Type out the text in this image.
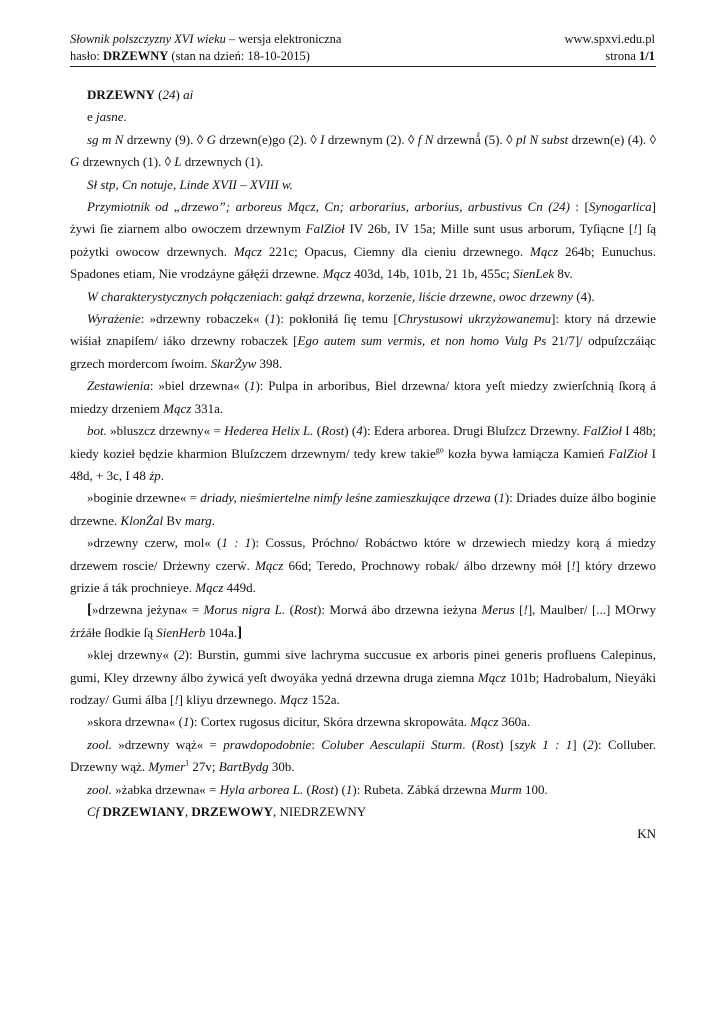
Słownik polszczyzny XVI wieku – wersja elektroniczna	www.spxvi.edu.pl
hasło: DRZEWNY (stan na dzień: 18-10-2015)	strona 1/1

DRZEWNY (24) ai

e jasne.

sg m N drzewny (9). ◊ G drzewn(e)go (2). ◊ I drzewnym (2). ◊ f N drzewnǻ (5). ◊ pl N subst drzewn(e) (4). ◊ G drzewnych (1). ◊ L drzewnych (1).

Sł stp, Cn notuje, Linde XVII – XVIII w.

Przymiotnik od „drzewo”; arboreus Mącz, Cn; arborarius, arborius, arbustivus Cn (24) : [Synogarlica] żywi ſie ziarnem albo owoczem drzewnym FalZioł IV 26b, IV 15a; Mille sunt usus arborum, Tyſiącne [!] ſą pożytki owocow drzewnych. Mącz 221c; Opacus, Ciemny dla cieniu drzewnego. Mącz 264b; Eunuchus. Spadones etiam, Nie vrodzáyne gáłęźi drzewne. Mącz 403d, 14b, 101b, 21 1b, 455c; SienLek 8v.

W charakterystycznych połączeniach: gałąź drzewna, korzenie, liście drzewne, owoc drzewny (4).

Wyrażenie: »drzewny robaczek« (1): pokłoniłá ſię temu [Chrystusowi ukrzyżowanemu]: ktory ná drzewie wiśiał znapiſem/ iáko drzewny robaczek [Ego autem sum vermis, et non homo Vulg Ps 21/7]/ odpuſzczáiąc grzech mordercom ſwoim. SkarŻyw 398.

Zestawienia: »biel drzewna« (1): Pulpa in arboribus, Biel drzewna/ ktora yeſt miedzy zwierſchnią ſkorą á miedzy drzeniem Mącz 331a.

bot. »bluszcz drzewny« = Hederea Helix L. (Rost) (4): Edera arborea. Drugi Bluſzcz Drzewny. FalZioł I 48b; kiedy kozieł będzie kharmion Bluſzczem drzewnym/ tedy krew takie$^{go}$ kozła bywa łamiącza Kamień FalZioł I 48d, + 3c, I 48 żp.

»boginie drzewne« = driady, nieśmiertelne nimfy leśne zamieszkujące drzewa (1): Driades duíze álbo boginie drzewne. KlonŻal Bv marg.

»drzewny czerw, mol« (1 : 1): Cossus, Próchno/ Robáctwo które w drzewiech miedzy korą á miedzy drzewem roscie/ Drżewny czerẃ. Mącz 66d; Teredo, Prochnowy robak/ álbo drzewny mół [!] który drzewo grizie á ták prochnieye. Mącz 449d.

[»drzewna jeżyna« = Morus nigra L. (Rost): Morwá ábo drzewna ieżyna Merus [!], Maulber/ [...] MOrwy źrźáłe ſłodkie ſą SienHerb 104a.]

»klej drzewny« (2): Burstin, gummi sive lachryma succusue ex arboris pinei generis profluens Calepinus, gumi, Kley drzewny álbo żywicá yeſt dwoyáka yedná drzewna druga ziemna Mącz 101b; Hadrobalum, Nieyáki rodzay/ Gumi álba [!] kliyu drzewnego. Mącz 152a.

»skora drzewna« (1): Cortex rugosus dicitur, Skóra drzewna skropowáta. Mącz 360a.

zool. »drzewny wąż« = prawdopodobnie: Coluber Aesculapii Sturm. (Rost) [szyk 1 : 1] (2): Colluber. Drzewny wąż. Mymer$^1$ 27v; BartBydg 30b.

zool. »żabka drzewna« = Hyla arborea L. (Rost) (1): Rubeta. Zábká drzewna Murm 100.

Cf DRZEWIANY, DRZEWOWY, NIEDRZEWNY

KN
